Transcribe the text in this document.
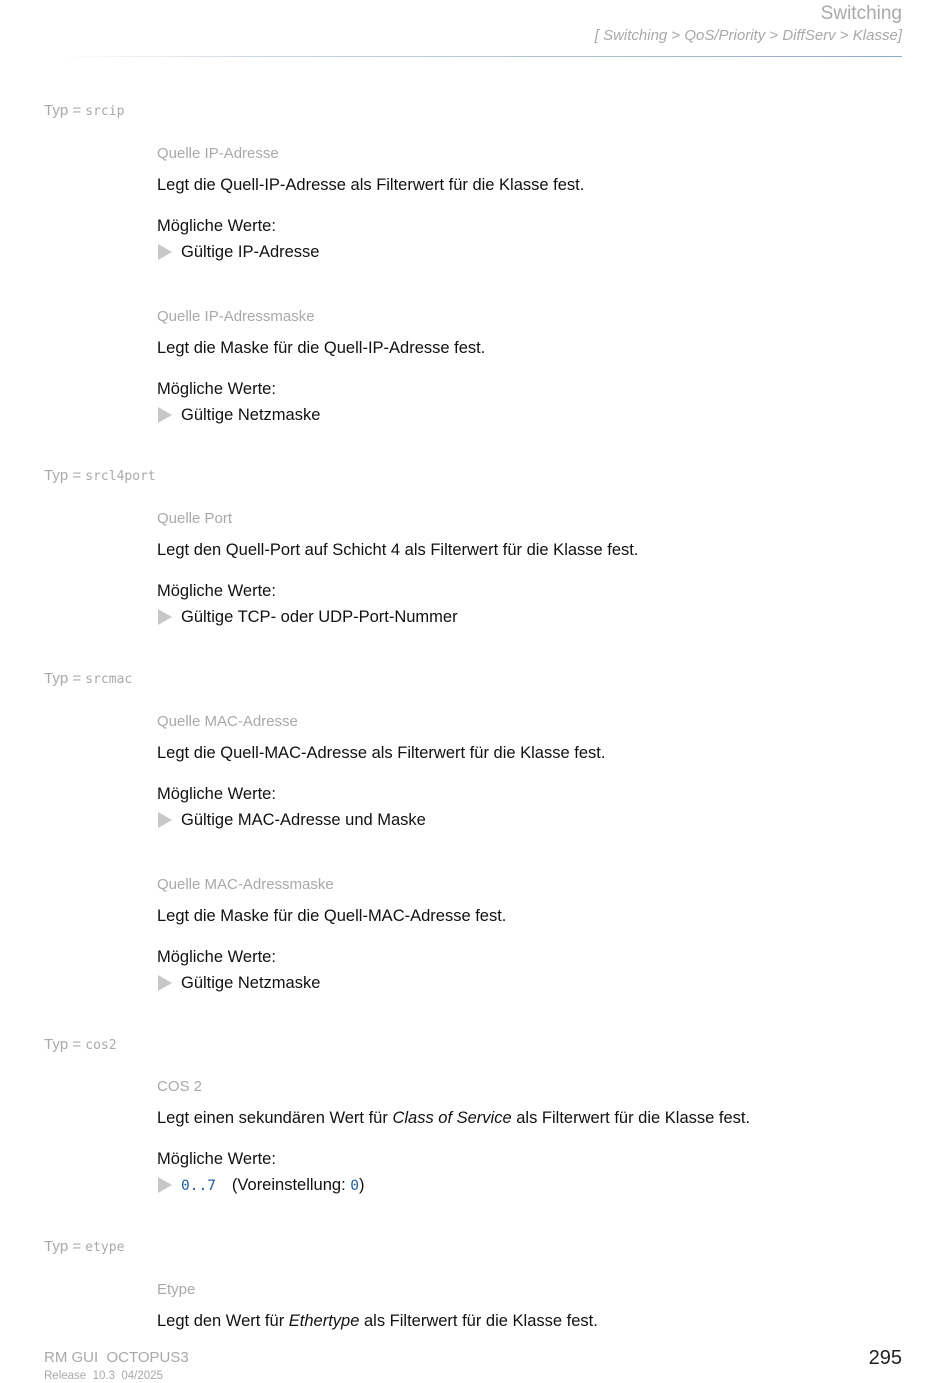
Switching
[ Switching > QoS/Priority > DiffServ > Klasse]
Typ = srcip
Quelle IP-Adresse
Legt die Quell-IP-Adresse als Filterwert für die Klasse fest.
Mögliche Werte:
Gültige IP-Adresse
Quelle IP-Adressmaske
Legt die Maske für die Quell-IP-Adresse fest.
Mögliche Werte:
Gültige Netzmaske
Typ = srcl4port
Quelle Port
Legt den Quell-Port auf Schicht 4 als Filterwert für die Klasse fest.
Mögliche Werte:
Gültige TCP- oder UDP-Port-Nummer
Typ = srcmac
Quelle MAC-Adresse
Legt die Quell-MAC-Adresse als Filterwert für die Klasse fest.
Mögliche Werte:
Gültige MAC-Adresse und Maske
Quelle MAC-Adressmaske
Legt die Maske für die Quell-MAC-Adresse fest.
Mögliche Werte:
Gültige Netzmaske
Typ = cos2
COS 2
Legt einen sekundären Wert für Class of Service als Filterwert für die Klasse fest.
Mögliche Werte:
0..7 (Voreinstellung: 0)
Typ = etype
Etype
Legt den Wert für Ethertype als Filterwert für die Klasse fest.
RM GUI  OCTOPUS3
Release  10.3  04/2025
295
